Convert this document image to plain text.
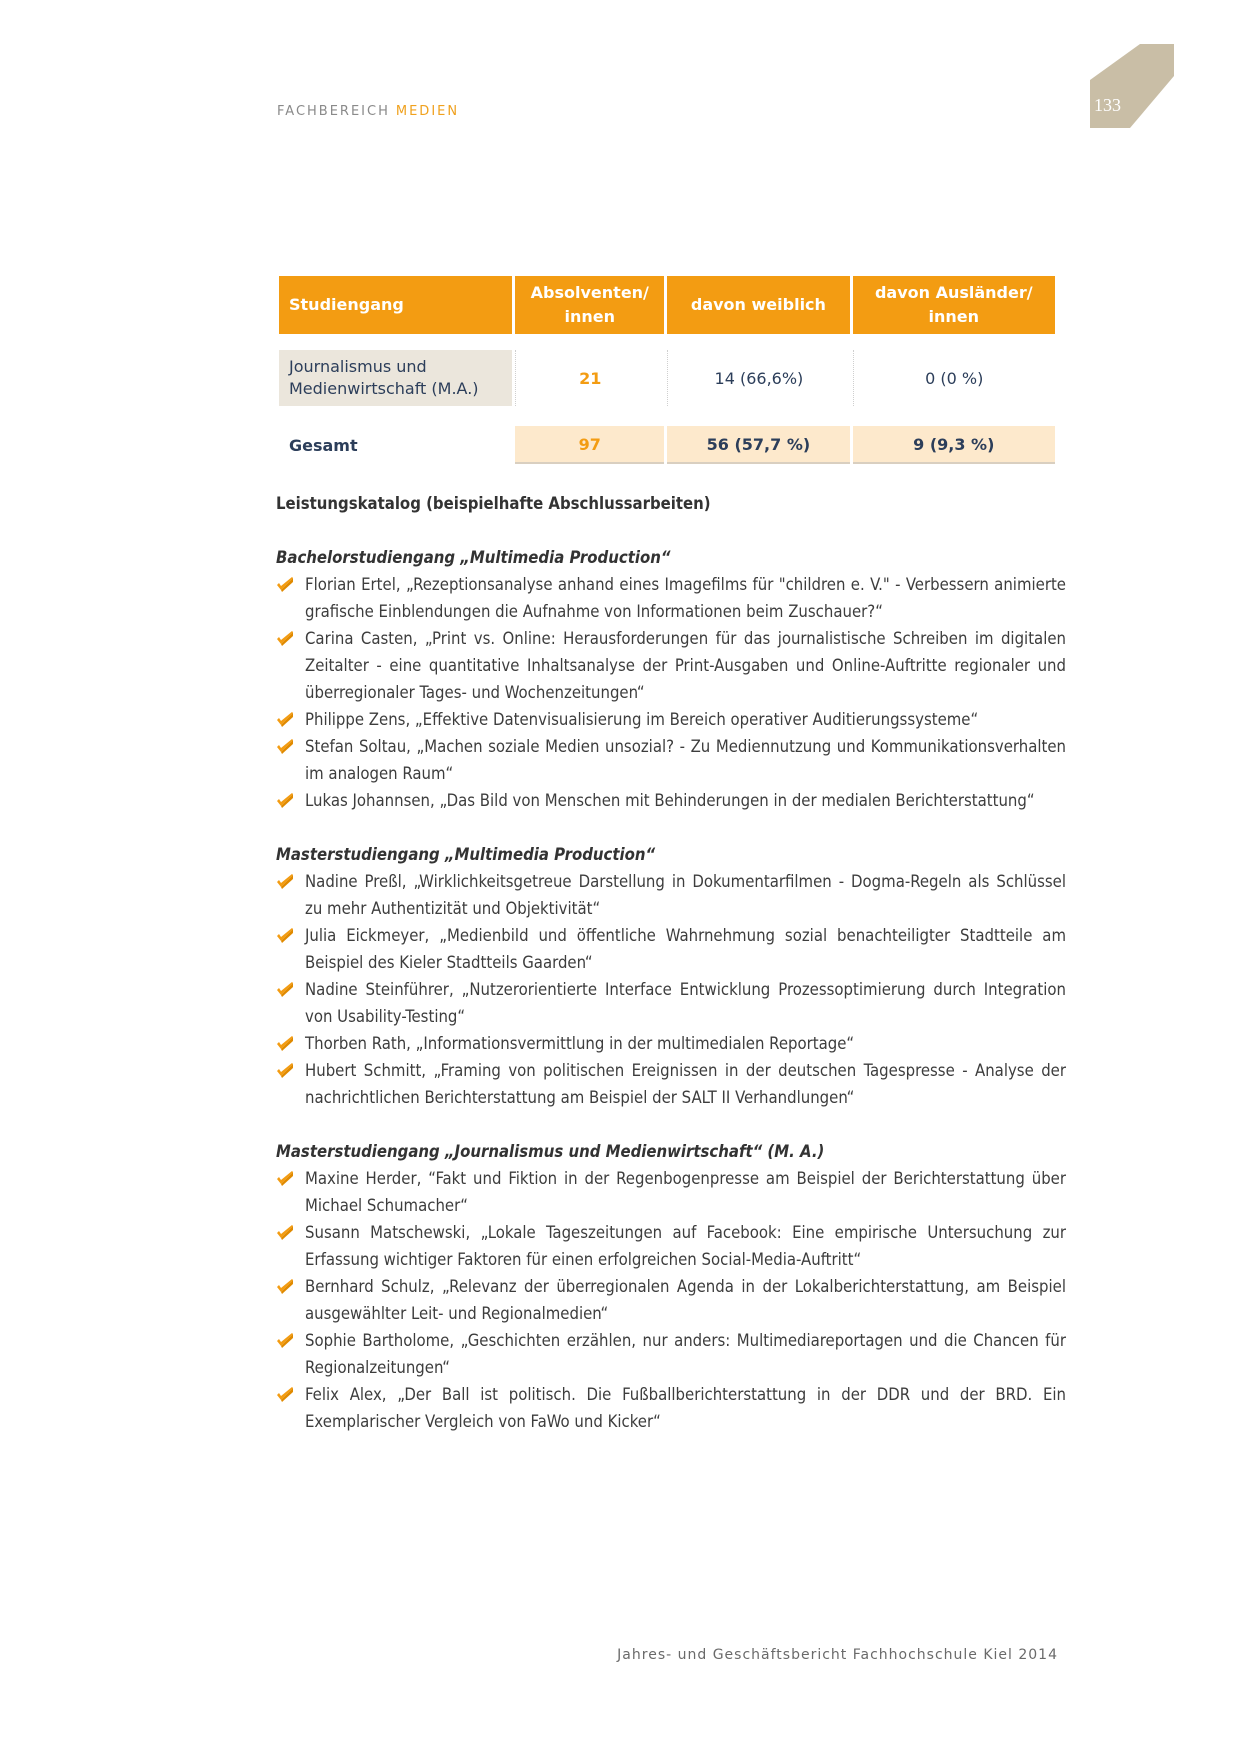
FACHBEREICH MEDIEN	133
Studiengang	Absolventen/ innen	davon weiblich	davon Ausländer/ innen

Journalismus und Medienwirtschaft (M.A.)	21	14 (66,6%)	0 (0 %)

Gesamt	97	56 (57,7 %)	9 (9,3 %)

Leistungskatalog (beispielhafte Abschlussarbeiten)

Bachelorstudiengang „Multimedia Production“

Florian Ertel, „Rezeptionsanalyse anhand eines Imagefilms für "children e. V." - Verbessern animierte grafische Einblendungen die Aufnahme von Informationen beim Zuschauer?“
Carina Casten, „Print vs. Online: Herausforderungen für das journalistische Schreiben im digitalen Zeitalter - eine quantitative Inhaltsanalyse der Print-Ausgaben und Online-Auftritte regionaler und überregionaler Tages- und Wochenzeitungen“
Philippe Zens, „Effektive Datenvisualisierung im Bereich operativer Auditierungssysteme“
Stefan Soltau, „Machen soziale Medien unsozial? - Zu Mediennutzung und Kommunikationsverhalten im analogen Raum“
Lukas Johannsen, „Das Bild von Menschen mit Behinderungen in der medialen Berichterstattung“

Masterstudiengang „Multimedia Production“

Nadine Preßl, „Wirklichkeitsgetreue Darstellung in Dokumentarfilmen - Dogma-Regeln als Schlüssel zu mehr Authentizität und Objektivität“
Julia Eickmeyer, „Medienbild und öffentliche Wahrnehmung sozial benachteiligter Stadtteile am Beispiel des Kieler Stadtteils Gaarden“
Nadine Steinführer, „Nutzerorientierte Interface Entwicklung Prozessoptimierung durch Integration von Usability-Testing“
Thorben Rath, „Informationsvermittlung in der multimedialen Reportage“
Hubert Schmitt, „Framing von politischen Ereignissen in der deutschen Tagespresse - Analyse der nachrichtlichen Berichterstattung am Beispiel der SALT II Verhandlungen“

Masterstudiengang „Journalismus und Medienwirtschaft“ (M. A.)

Maxine Herder, “Fakt und Fiktion in der Regenbogenpresse am Beispiel der Berichterstattung über Michael Schumacher“
Susann Matschewski, „Lokale Tageszeitungen auf Facebook: Eine empirische Untersuchung zur Erfassung wichtiger Faktoren für einen erfolgreichen Social-Media-Auftritt“
Bernhard Schulz, „Relevanz der überregionalen Agenda in der Lokalberichterstattung, am Beispiel ausgewählter Leit- und Regionalmedien“
Sophie Bartholome, „Geschichten erzählen, nur anders: Multimediareportagen und die Chancen für Regionalzeitungen“
Felix Alex, „Der Ball ist politisch. Die Fußballberichterstattung in der DDR und der BRD. Ein Exemplarischer Vergleich von FaWo und Kicker“
Jahres- und Geschäftsbericht Fachhochschule Kiel 2014
